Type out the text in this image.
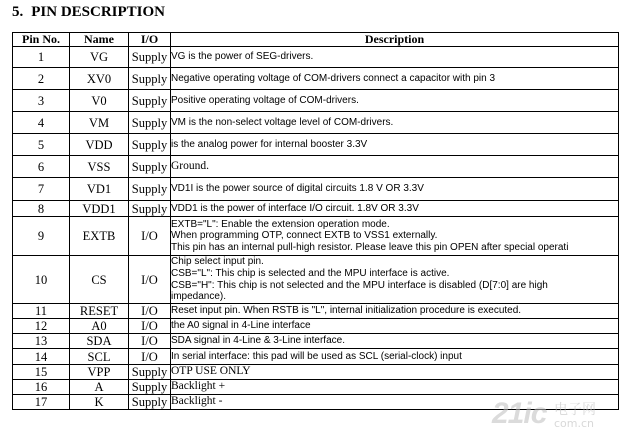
5. PIN DESCRIPTION
Pin No.	Name	I/O	Description
1	VG	Supply	VG is the power of SEG-drivers.

2	XV0	Supply	Negative operating voltage of COM-drivers connect a capacitor with pin 3

3	V0	Supply	Positive operating voltage of COM-drivers.

4	VM	Supply	VM is the non-select voltage level of COM-drivers.

5	VDD	Supply	is the analog power for internal booster 3.3V

6	VSS	Supply	Ground.

7	VD1	Supply	VD1I is the power source of digital circuits 1.8 V OR 3.3V

8	VDD1	Supply	VDD1 is the power of interface I/O circuit. 1.8V OR 3.3V

9	EXTB	I/O	EXTB="L": Enable the extension operation mode.
When programming OTP, connect EXTB to VSS1 externally.
This pin has an internal pull-high resistor. Please leave this pin OPEN after special operati

10	CS	I/O	Chip select input pin.
CSB="L": This chip is selected and the MPU interface is active.
CSB="H": This chip is not selected and the MPU interface is disabled (D[7:0] are high
impedance).

11	RESET	I/O	Reset input pin. When RSTB is "L", internal initialization procedure is executed.

12	A0	I/O	the A0 signal in 4-Line interface

13	SDA	I/O	SDA signal in 4-Line & 3-Line interface.

14	SCL	I/O	In serial interface: this pad will be used as SCL (serial-clock) input

15	VPP	Supply	OTP USE ONLY

16	A	Supply	Backlight +

17	K	Supply	Backlight -	21ic 电子网
com.cn
